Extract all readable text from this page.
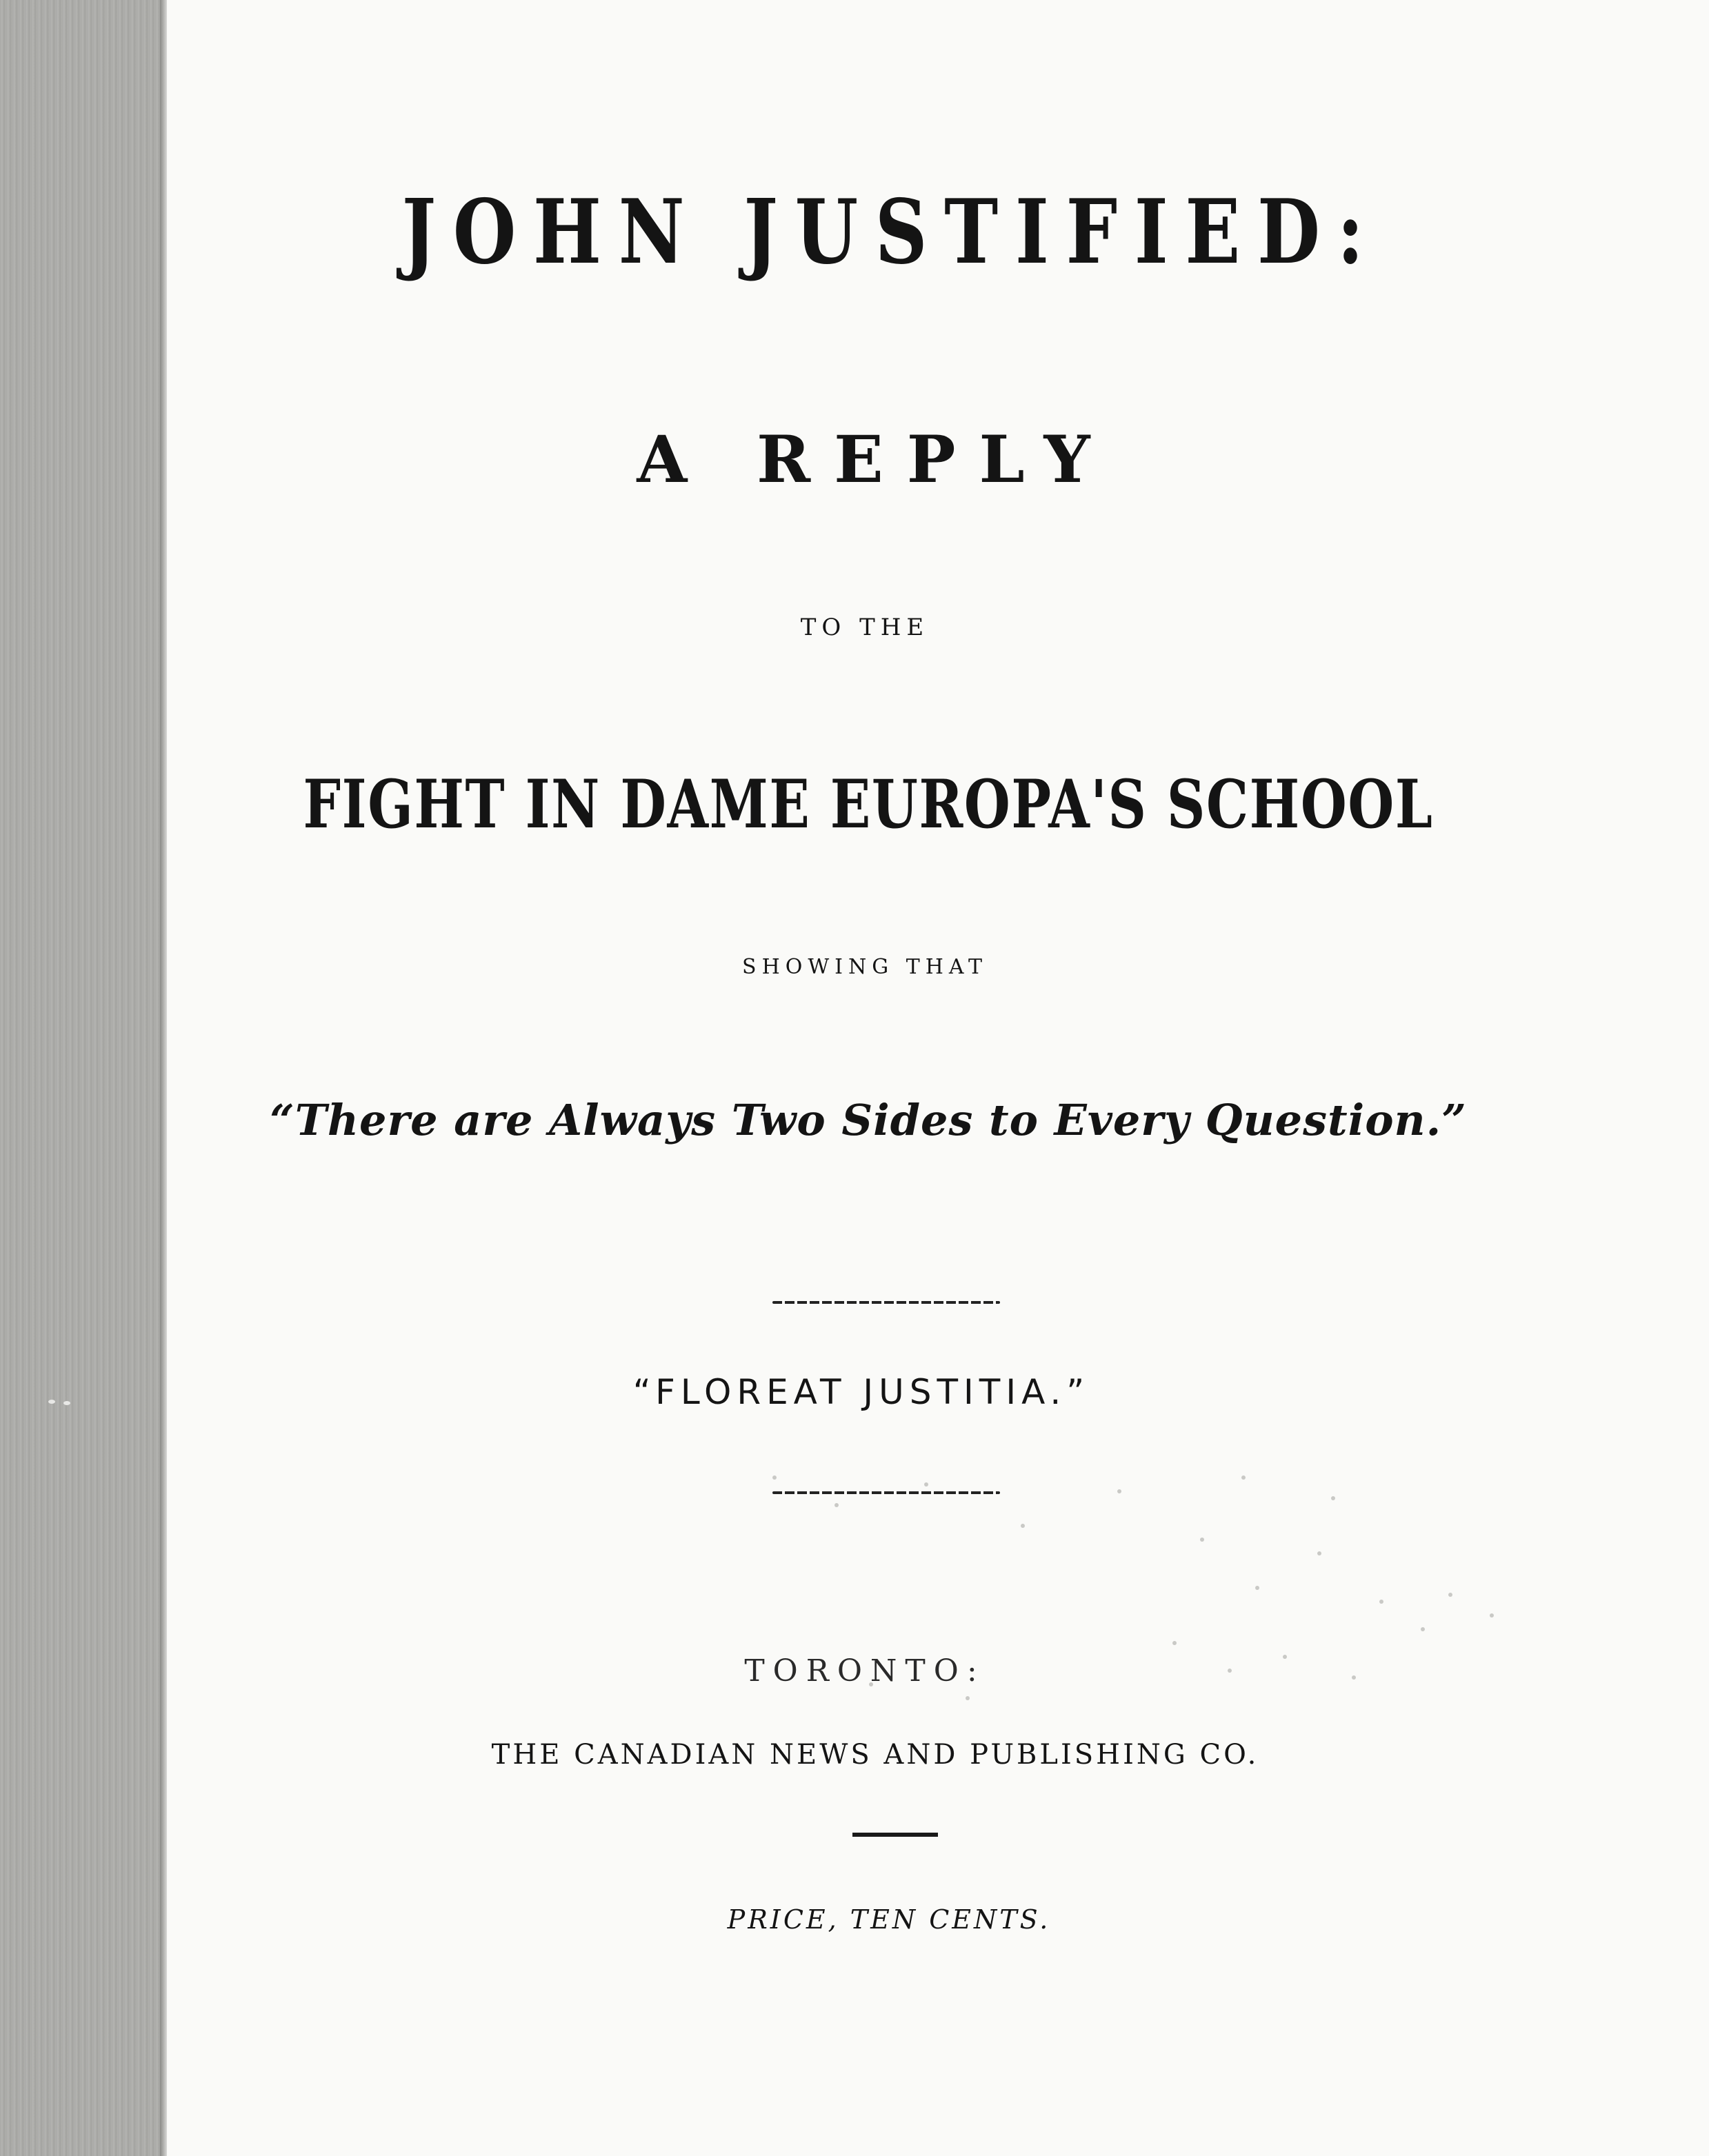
JOHN JUSTIFIED:
A REPLY

TO THE

FIGHT IN DAME EUROPA'S SCHOOL

SHOWING THAT

“There are Always Two Sides to Every Question.”

“FLOREAT JUSTITIA.”

TORONTO:

THE CANADIAN NEWS AND PUBLISHING CO.

PRICE, TEN CENTS.
